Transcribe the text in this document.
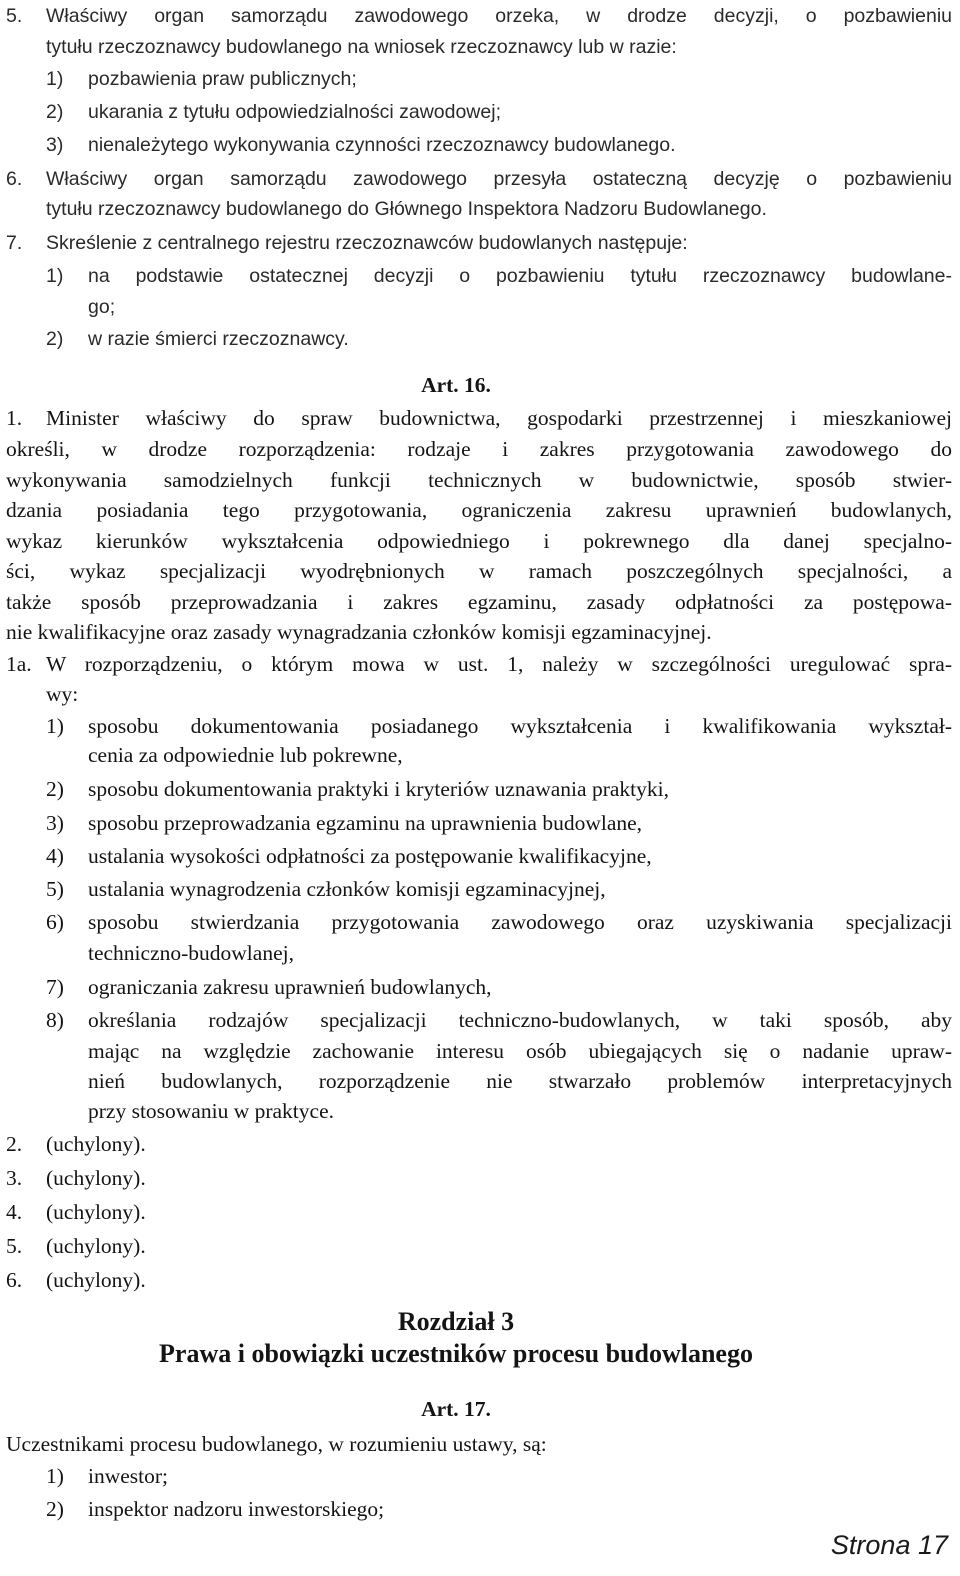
5. Właściwy organ samorządu zawodowego orzeka, w drodze decyzji, o pozbawieniu
tytułu rzeczoznawcy budowlanego na wniosek rzeczoznawcy lub w razie:
1) pozbawienia praw publicznych;
2) ukarania z tytułu odpowiedzialności zawodowej;
3) nienależytego wykonywania czynności rzeczoznawcy budowlanego.
6. Właściwy organ samorządu zawodowego przesyła ostateczną decyzję o pozbawieniu
tytułu rzeczoznawcy budowlanego do Głównego Inspektora Nadzoru Budowlanego.
7. Skreślenie z centralnego rejestru rzeczoznawców budowlanych następuje:
1) na podstawie ostatecznej decyzji o pozbawieniu tytułu rzeczoznawcy budowlane-
go;
2) w razie śmierci rzeczoznawcy.
Art. 16.
1. Minister właściwy do spraw budownictwa, gospodarki przestrzennej i mieszkaniowej
określi, w drodze rozporządzenia: rodzaje i zakres przygotowania zawodowego do
wykonywania samodzielnych funkcji technicznych w budownictwie, sposób stwier-
dzania posiadania tego przygotowania, ograniczenia zakresu uprawnień budowlanych,
wykaz kierunków wykształcenia odpowiedniego i pokrewnego dla danej specjalno-
ści, wykaz specjalizacji wyodrębnionych w ramach poszczególnych specjalności, a
także sposób przeprowadzania i zakres egzaminu, zasady odpłatności za postępowa-
nie kwalifikacyjne oraz zasady wynagradzania członków komisji egzaminacyjnej.
1a. W rozporządzeniu, o którym mowa w ust. 1, należy w szczególności uregulować spra-
wy:
1) sposobu dokumentowania posiadanego wykształcenia i kwalifikowania wykształ-
cenia za odpowiednie lub pokrewne,
2) sposobu dokumentowania praktyki i kryteriów uznawania praktyki,
3) sposobu przeprowadzania egzaminu na uprawnienia budowlane,
4) ustalania wysokości odpłatności za postępowanie kwalifikacyjne,
5) ustalania wynagrodzenia członków komisji egzaminacyjnej,
6) sposobu stwierdzania przygotowania zawodowego oraz uzyskiwania specjalizacji
techniczno-budowlanej,
7) ograniczania zakresu uprawnień budowlanych,
8) określania rodzajów specjalizacji techniczno-budowlanych, w taki sposób, aby
mając na względzie zachowanie interesu osób ubiegających się o nadanie upraw-
nień budowlanych, rozporządzenie nie stwarzało problemów interpretacyjnych
przy stosowaniu w praktyce.
2. (uchylony).
3. (uchylony).
4. (uchylony).
5. (uchylony).
6. (uchylony).
Rozdział 3
Prawa i obowiązki uczestników procesu budowlanego
Art. 17.
Uczestnikami procesu budowlanego, w rozumieniu ustawy, są:
1) inwestor;
2) inspektor nadzoru inwestorskiego;
Strona 17
